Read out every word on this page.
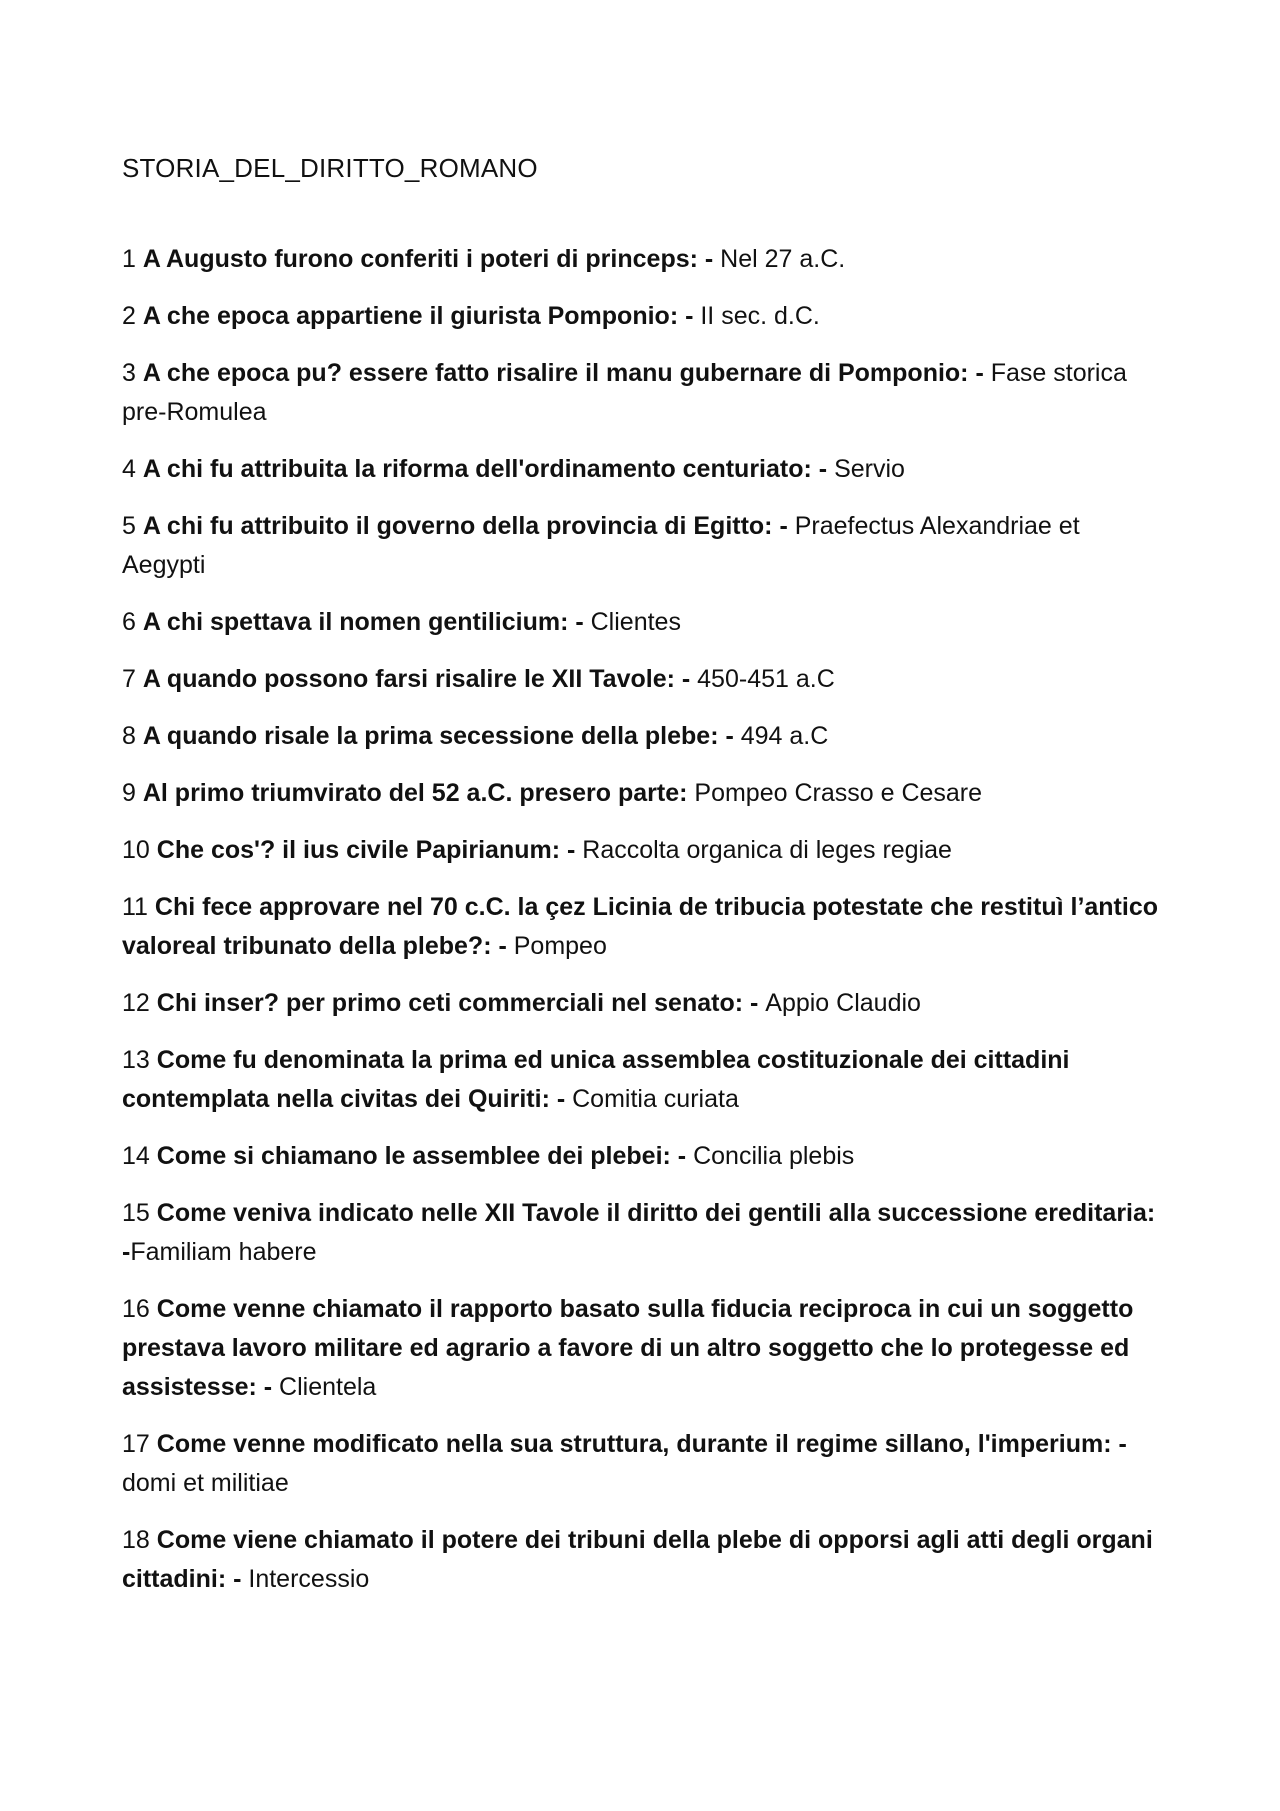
STORIA_DEL_DIRITTO_ROMANO

1 A Augusto furono conferiti i poteri di princeps: - Nel 27 a.C.

2 A che epoca appartiene il giurista Pomponio: - II sec. d.C.

3 A che epoca pu? essere fatto risalire il manu gubernare di Pomponio: - Fase storica pre-Romulea

4 A chi fu attribuita la riforma dell'ordinamento centuriato: - Servio

5 A chi fu attribuito il governo della provincia di Egitto: - Praefectus Alexandriae et Aegypti

6 A chi spettava il nomen gentilicium: - Clientes

7 A quando possono farsi risalire le XII Tavole: - 450-451 a.C

8 A quando risale la prima secessione della plebe: - 494 a.C

9 Al primo triumvirato del 52 a.C. presero parte: Pompeo Crasso e Cesare

10 Che cos'? il ius civile Papirianum: - Raccolta organica di leges regiae

11 Chi fece approvare nel 70 c.C. la çez Licinia de tribucia potestate che restituì l’antico valoreal tribunato della plebe?: - Pompeo

12 Chi inser? per primo ceti commerciali nel senato: - Appio Claudio

13 Come fu denominata la prima ed unica assemblea costituzionale dei cittadini contemplata nella civitas dei Quiriti: - Comitia curiata

14 Come si chiamano le assemblee dei plebei: - Concilia plebis

15 Come veniva indicato nelle XII Tavole il diritto dei gentili alla successione ereditaria: -Familiam habere

16 Come venne chiamato il rapporto basato sulla fiducia reciproca in cui un soggetto prestava lavoro militare ed agrario a favore di un altro soggetto che lo protegesse ed assistesse: - Clientela

17 Come venne modificato nella sua struttura, durante il regime sillano, l'imperium: -domi et militiae

18 Come viene chiamato il potere dei tribuni della plebe di opporsi agli atti degli organi cittadini: - Intercessio
